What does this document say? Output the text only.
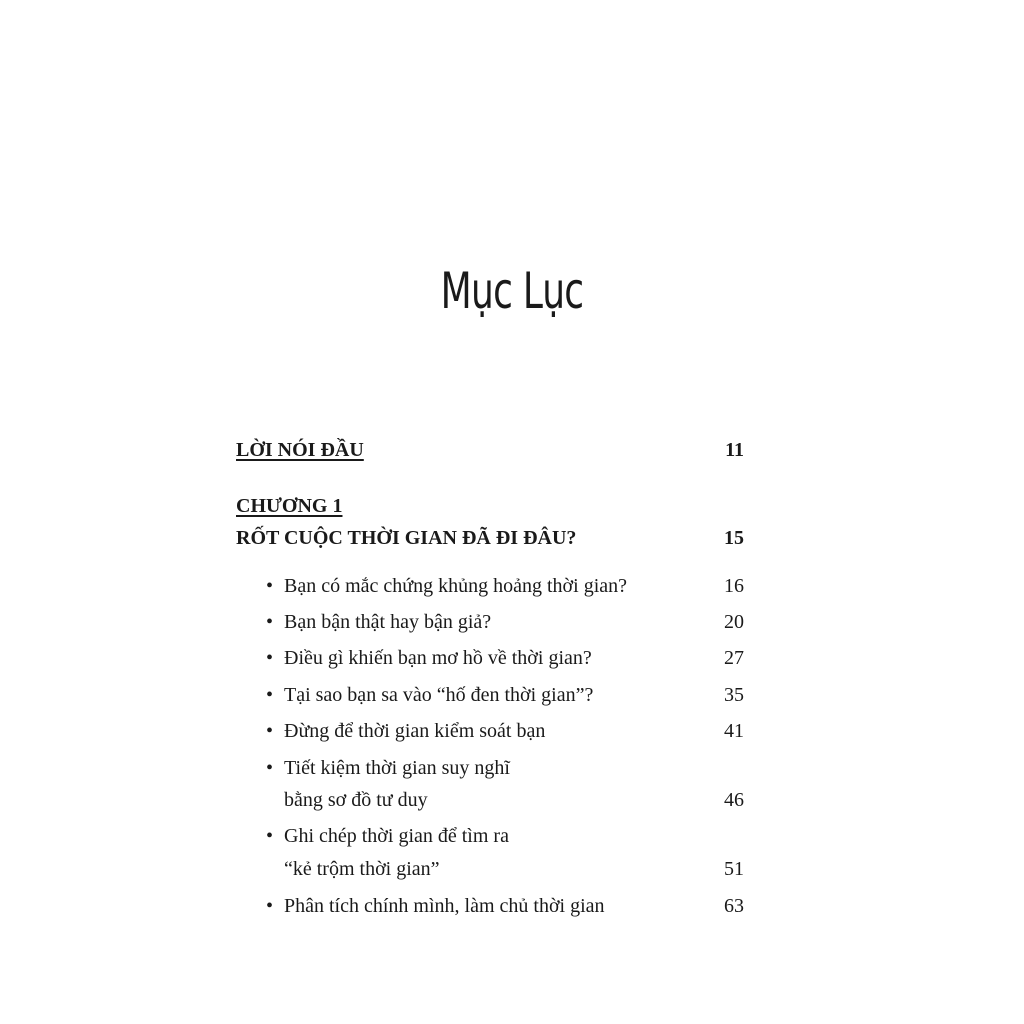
Mục Lục
LỜI NÓI ĐẦU	11
CHƯƠNG 1
RỐT CUỘC THỜI GIAN ĐÃ ĐI ĐÂU?	15
• Bạn có mắc chứng khủng hoảng thời gian?	16
• Bạn bận thật hay bận giả?	20
• Điều gì khiến bạn mơ hồ về thời gian?	27
• Tại sao bạn sa vào “hố đen thời gian”?	35
• Đừng để thời gian kiểm soát bạn	41
• Tiết kiệm thời gian suy nghĩ
bằng sơ đồ tư duy	46
• Ghi chép thời gian để tìm ra
“kẻ trộm thời gian”	51
• Phân tích chính mình, làm chủ thời gian	63
